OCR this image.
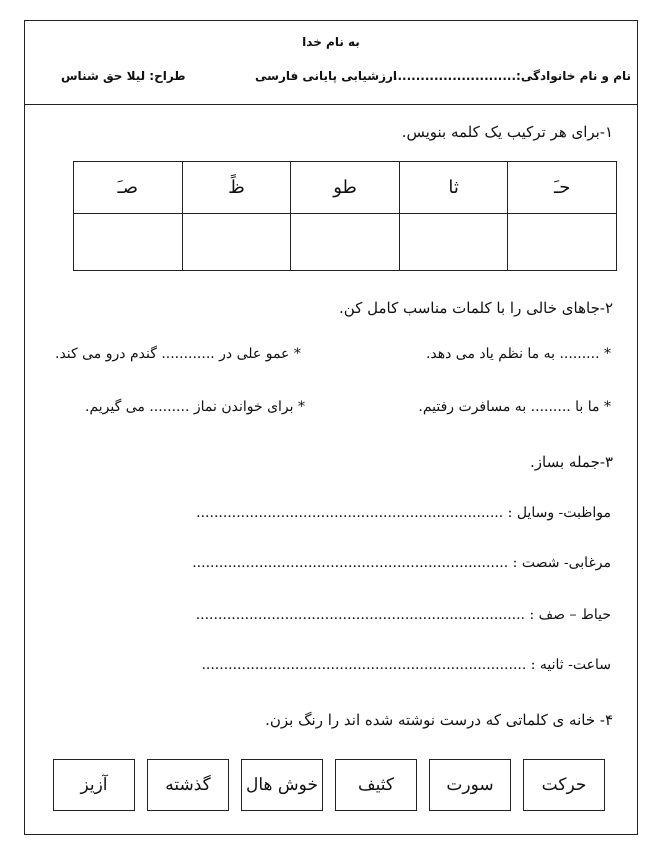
به نام خدا
نام و نام خانوادگی:...........................
ارزشیابی پایانی فارسی
طراح: لیلا حق شناس
۱-برای هر ترکیب یک کلمه بنویس.
حـَ	ثا	طو	ظً	صـَ

۲-جاهای خالی را با کلمات مناسب کامل کن.
* ......... به ما نظم یاد می دهد.
* عمو علی در ............ گندم درو می کند.
* ما با ......... به مسافرت رفتیم.
* برای خواندن نماز ......... می گیریم.
۳-جمله بساز.
مواظبت- وسایل : .....................................................................
مرغابی- شصت : .......................................................................
حیاط – صف : ..........................................................................
ساعت- ثانیه : .........................................................................
۴- خانه ی کلماتی که درست نوشته شده اند را رنگ بزن.
حرکت
سورت
کثیف
خوش هال
گذشته
آزیز
